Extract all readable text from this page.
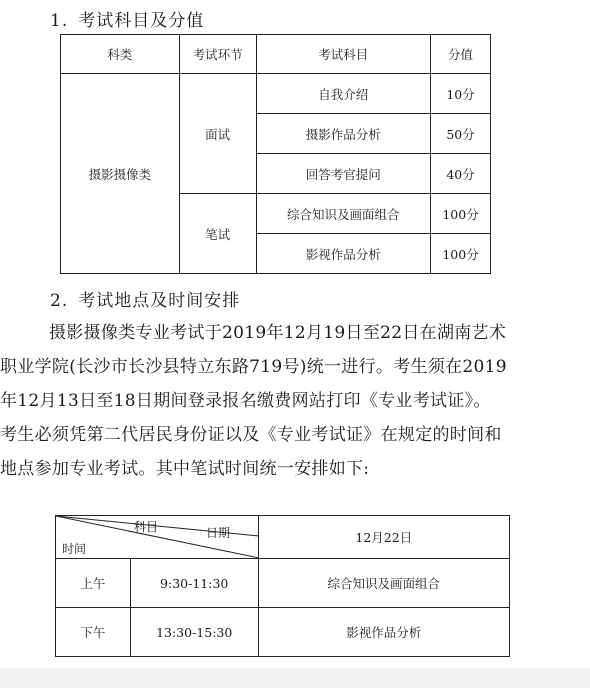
1. 考试科目及分值
科类	考试环节	考试科目	分值
摄影摄像类	面试	自我介绍	10分
		摄影作品分析	50分
		回答考官提问	40分
	笔试	综合知识及画面组合	100分
		影视作品分析	100分
2. 考试地点及时间安排
摄影摄像类专业考试于2019年12月19日至22日在湖南艺术
职业学院(长沙市长沙县特立东路719号)统一进行。考生须在2019
年12月13日至18日期间登录报名缴费网站打印《专业考试证》。
考生必须凭第二代居民身份证以及《专业考试证》在规定的时间和
地点参加专业考试。其中笔试时间统一安排如下:
科目 日期
时间		12月22日
上午	9:30-11:30	综合知识及画面组合
下午	13:30-15:30	影视作品分析
